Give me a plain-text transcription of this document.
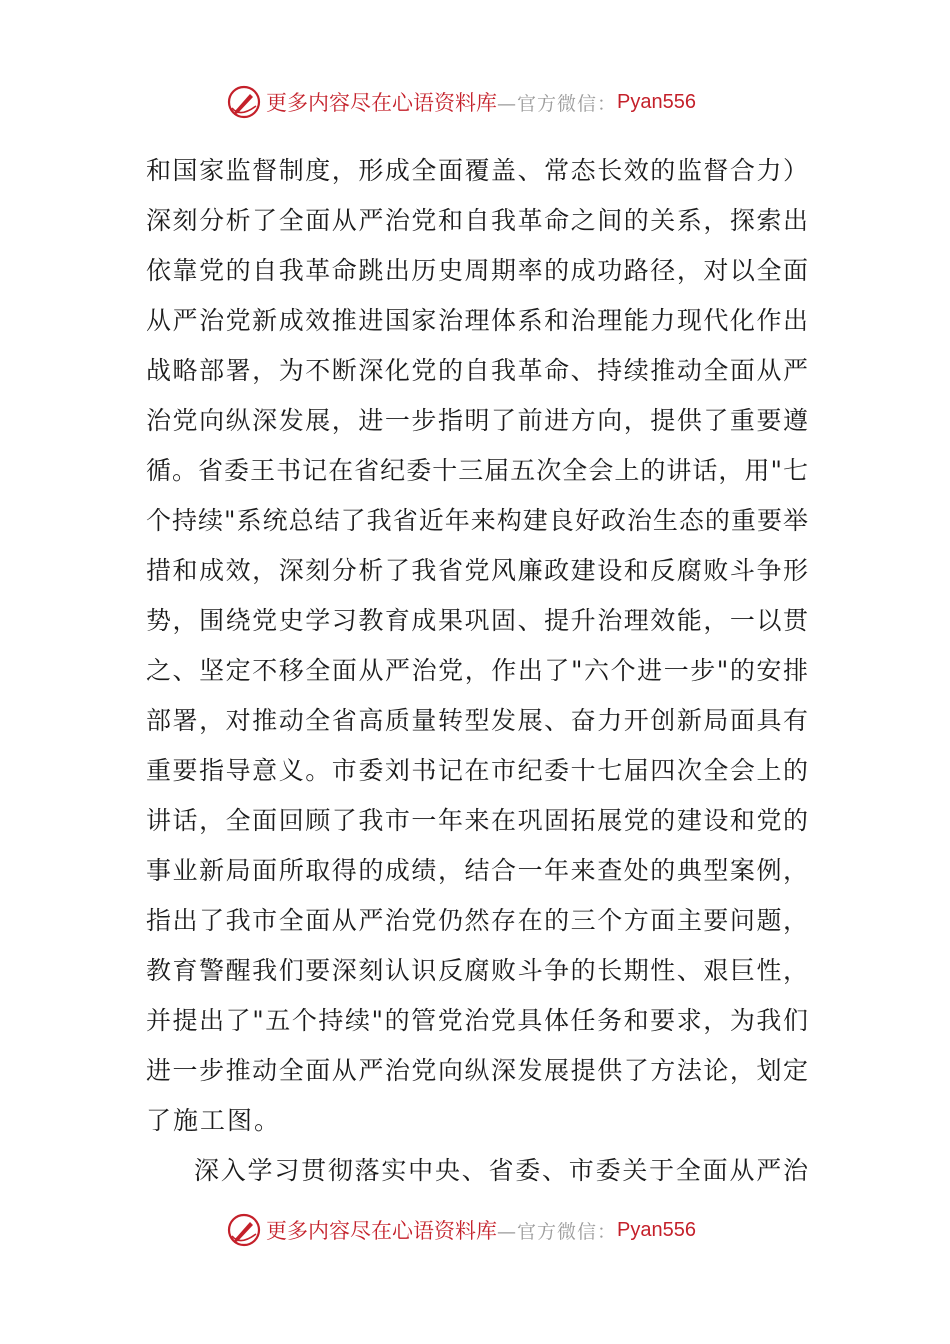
更多内容尽在心语资料库 —官方微信： Pyan556
和国家监督制度，形成全面覆盖、常态长效的监督合力）
深刻分析了全面从严治党和自我革命之间的关系，探索出
依靠党的自我革命跳出历史周期率的成功路径，对以全面
从严治党新成效推进国家治理体系和治理能力现代化作出
战略部署，为不断深化党的自我革命、持续推动全面从严
治党向纵深发展，进一步指明了前进方向，提供了重要遵
循。省委王书记在省纪委十三届五次全会上的讲话，用"七
个持续"系统总结了我省近年来构建良好政治生态的重要举
措和成效，深刻分析了我省党风廉政建设和反腐败斗争形
势，围绕党史学习教育成果巩固、提升治理效能，一以贯
之、坚定不移全面从严治党，作出了"六个进一步"的安排
部署，对推动全省高质量转型发展、奋力开创新局面具有
重要指导意义。市委刘书记在市纪委十七届四次全会上的
讲话，全面回顾了我市一年来在巩固拓展党的建设和党的
事业新局面所取得的成绩，结合一年来查处的典型案例，
指出了我市全面从严治党仍然存在的三个方面主要问题，
教育警醒我们要深刻认识反腐败斗争的长期性、艰巨性，
并提出了"五个持续"的管党治党具体任务和要求，为我们
进一步推动全面从严治党向纵深发展提供了方法论，划定
了施工图。
深入学习贯彻落实中央、省委、市委关于全面从严治
更多内容尽在心语资料库 —官方微信： Pyan556
